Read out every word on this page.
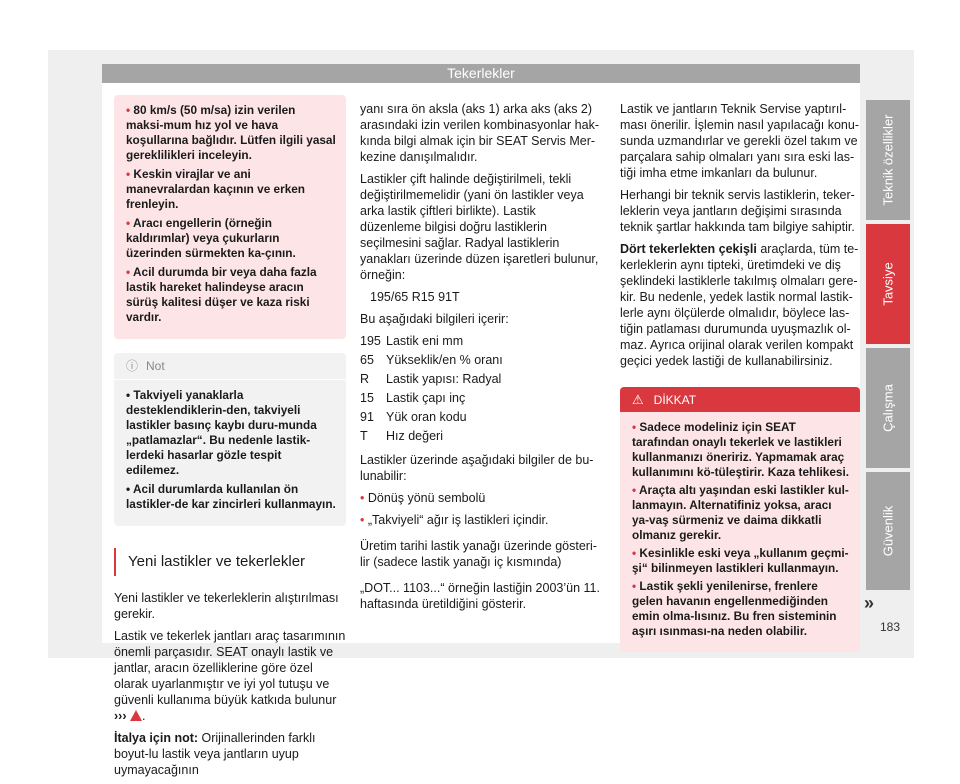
Tekerlekler
Teknik özellikler
Tavsiye
Çalışma
Güvenlik

• 80 km/s (50 m/sa) izin verilen maksi-mum hız yol ve hava koşullarına bağlıdır. Lütfen ilgili yasal gereklilikleri inceleyin.

• Keskin virajlar ve ani manevralardan kaçının ve erken frenleyin.

• Aracı engellerin (örneğin kaldırımlar) veya çukurların üzerinden sürmekten ka-çının.

• Acil durumda bir veya daha fazla lastik hareket halindeyse aracın sürüş kalitesi düşer ve kaza riski vardır.

ⓘ Not

• Takviyeli yanaklarla desteklendiklerin-den, takviyeli lastikler basınç kaybı duru-munda „patlamazlar“. Bu nedenle lastik-lerdeki hasarlar gözle tespit edilemez.

• Acil durumlarda kullanılan ön lastikler-de kar zincirleri kullanmayın.

Yeni lastikler ve tekerlekler
Yeni lastikler ve tekerleklerin alıştırılması gerekir.
Lastik ve tekerlek jantları araç tasarımının önemli parçasıdır. SEAT onaylı lastik ve jantlar, aracın özelliklerine göre özel olarak uyarlanmıştır ve iyi yol tutuşu ve güvenli kullanıma büyük katkıda bulunur ››› .
İtalya için not: Orijinallerinden farklı boyut-lu lastik veya jantların uyup uymayacağının
yanı sıra ön aksla (aks 1) arka aks (aks 2) arasındaki izin verilen kombinasyonlar hak-kında bilgi almak için bir SEAT Servis Mer-kezine danışılmalıdır.
Lastikler çift halinde değiştirilmeli, tekli değiştirilmemelidir (yani ön lastikler veya arka lastik çiftleri birlikte). Lastik düzenleme bilgisi doğru lastiklerin seçilmesini sağlar. Radyal lastiklerin yanakları üzerinde düzen işaretleri bulunur, örneğin:
195/65 R15 91T
Bu aşağıdaki bilgileri içerir:
195 Lastik eni mm
65 Yükseklik/en % oranı
R	Lastik yapısı: Radyal
15 Lastik çapı inç
91 Yük oran kodu
T	Hız değeri
Lastikler üzerinde aşağıdaki bilgiler de bu-lunabilir:
• Dönüş yönü sembolü
• „Takviyeli“ ağır iş lastikleri içindir.
Üretim tarihi lastik yanağı üzerinde gösteri-lir (sadece lastik yanağı iç kısmında)
„DOT... 1103...“ örneğin lastiğin 2003’ün 11. haftasında üretildiğini gösterir.
Lastik ve jantların Teknik Servise yaptırıl-ması önerilir. İşlemin nasıl yapılacağı konu-sunda uzmandırlar ve gerekli özel takım ve parçalara sahip olmaları yanı sıra eski las-tiği imha etme imkanları da bulunur.
Herhangi bir teknik servis lastiklerin, teker-leklerin veya jantların değişimi sırasında teknik şartlar hakkında tam bilgiye sahiptir.
Dört tekerlekten çekişli araçlarda, tüm te-kerleklerin aynı tipteki, üretimdeki ve diş şeklindeki lastiklerle takılmış olmaları gere-kir. Bu nedenle, yedek lastik normal lastik-lerle aynı ölçülerde olmalıdır, böylece las-tiğin patlaması durumunda uyuşmazlık ol-maz. Ayrıca orijinal olarak verilen kompakt geçici yedek lastiği de kullanabilirsiniz.
⚠ DİKKAT

• Sadece modeliniz için SEAT tarafından onaylı tekerlek ve lastikleri kullanmanızı öneririz. Yapmamak araç kullanımını kö-tüleştirir. Kaza tehlikesi.

• Araçta altı yaşından eski lastikler kul-lanmayın. Alternatifiniz yoksa, aracı ya-vaş sürmeniz ve daima dikkatli olmanız gerekir.

• Kesinlikle eski veya „kullanım geçmi-şi“ bilinmeyen lastikleri kullanmayın.

• Lastik şekli yenilenirse, frenlere gelen havanın engellenmediğinden emin olma-lısınız. Bu fren sisteminin aşırı ısınması-na neden olabilir.

»
183
